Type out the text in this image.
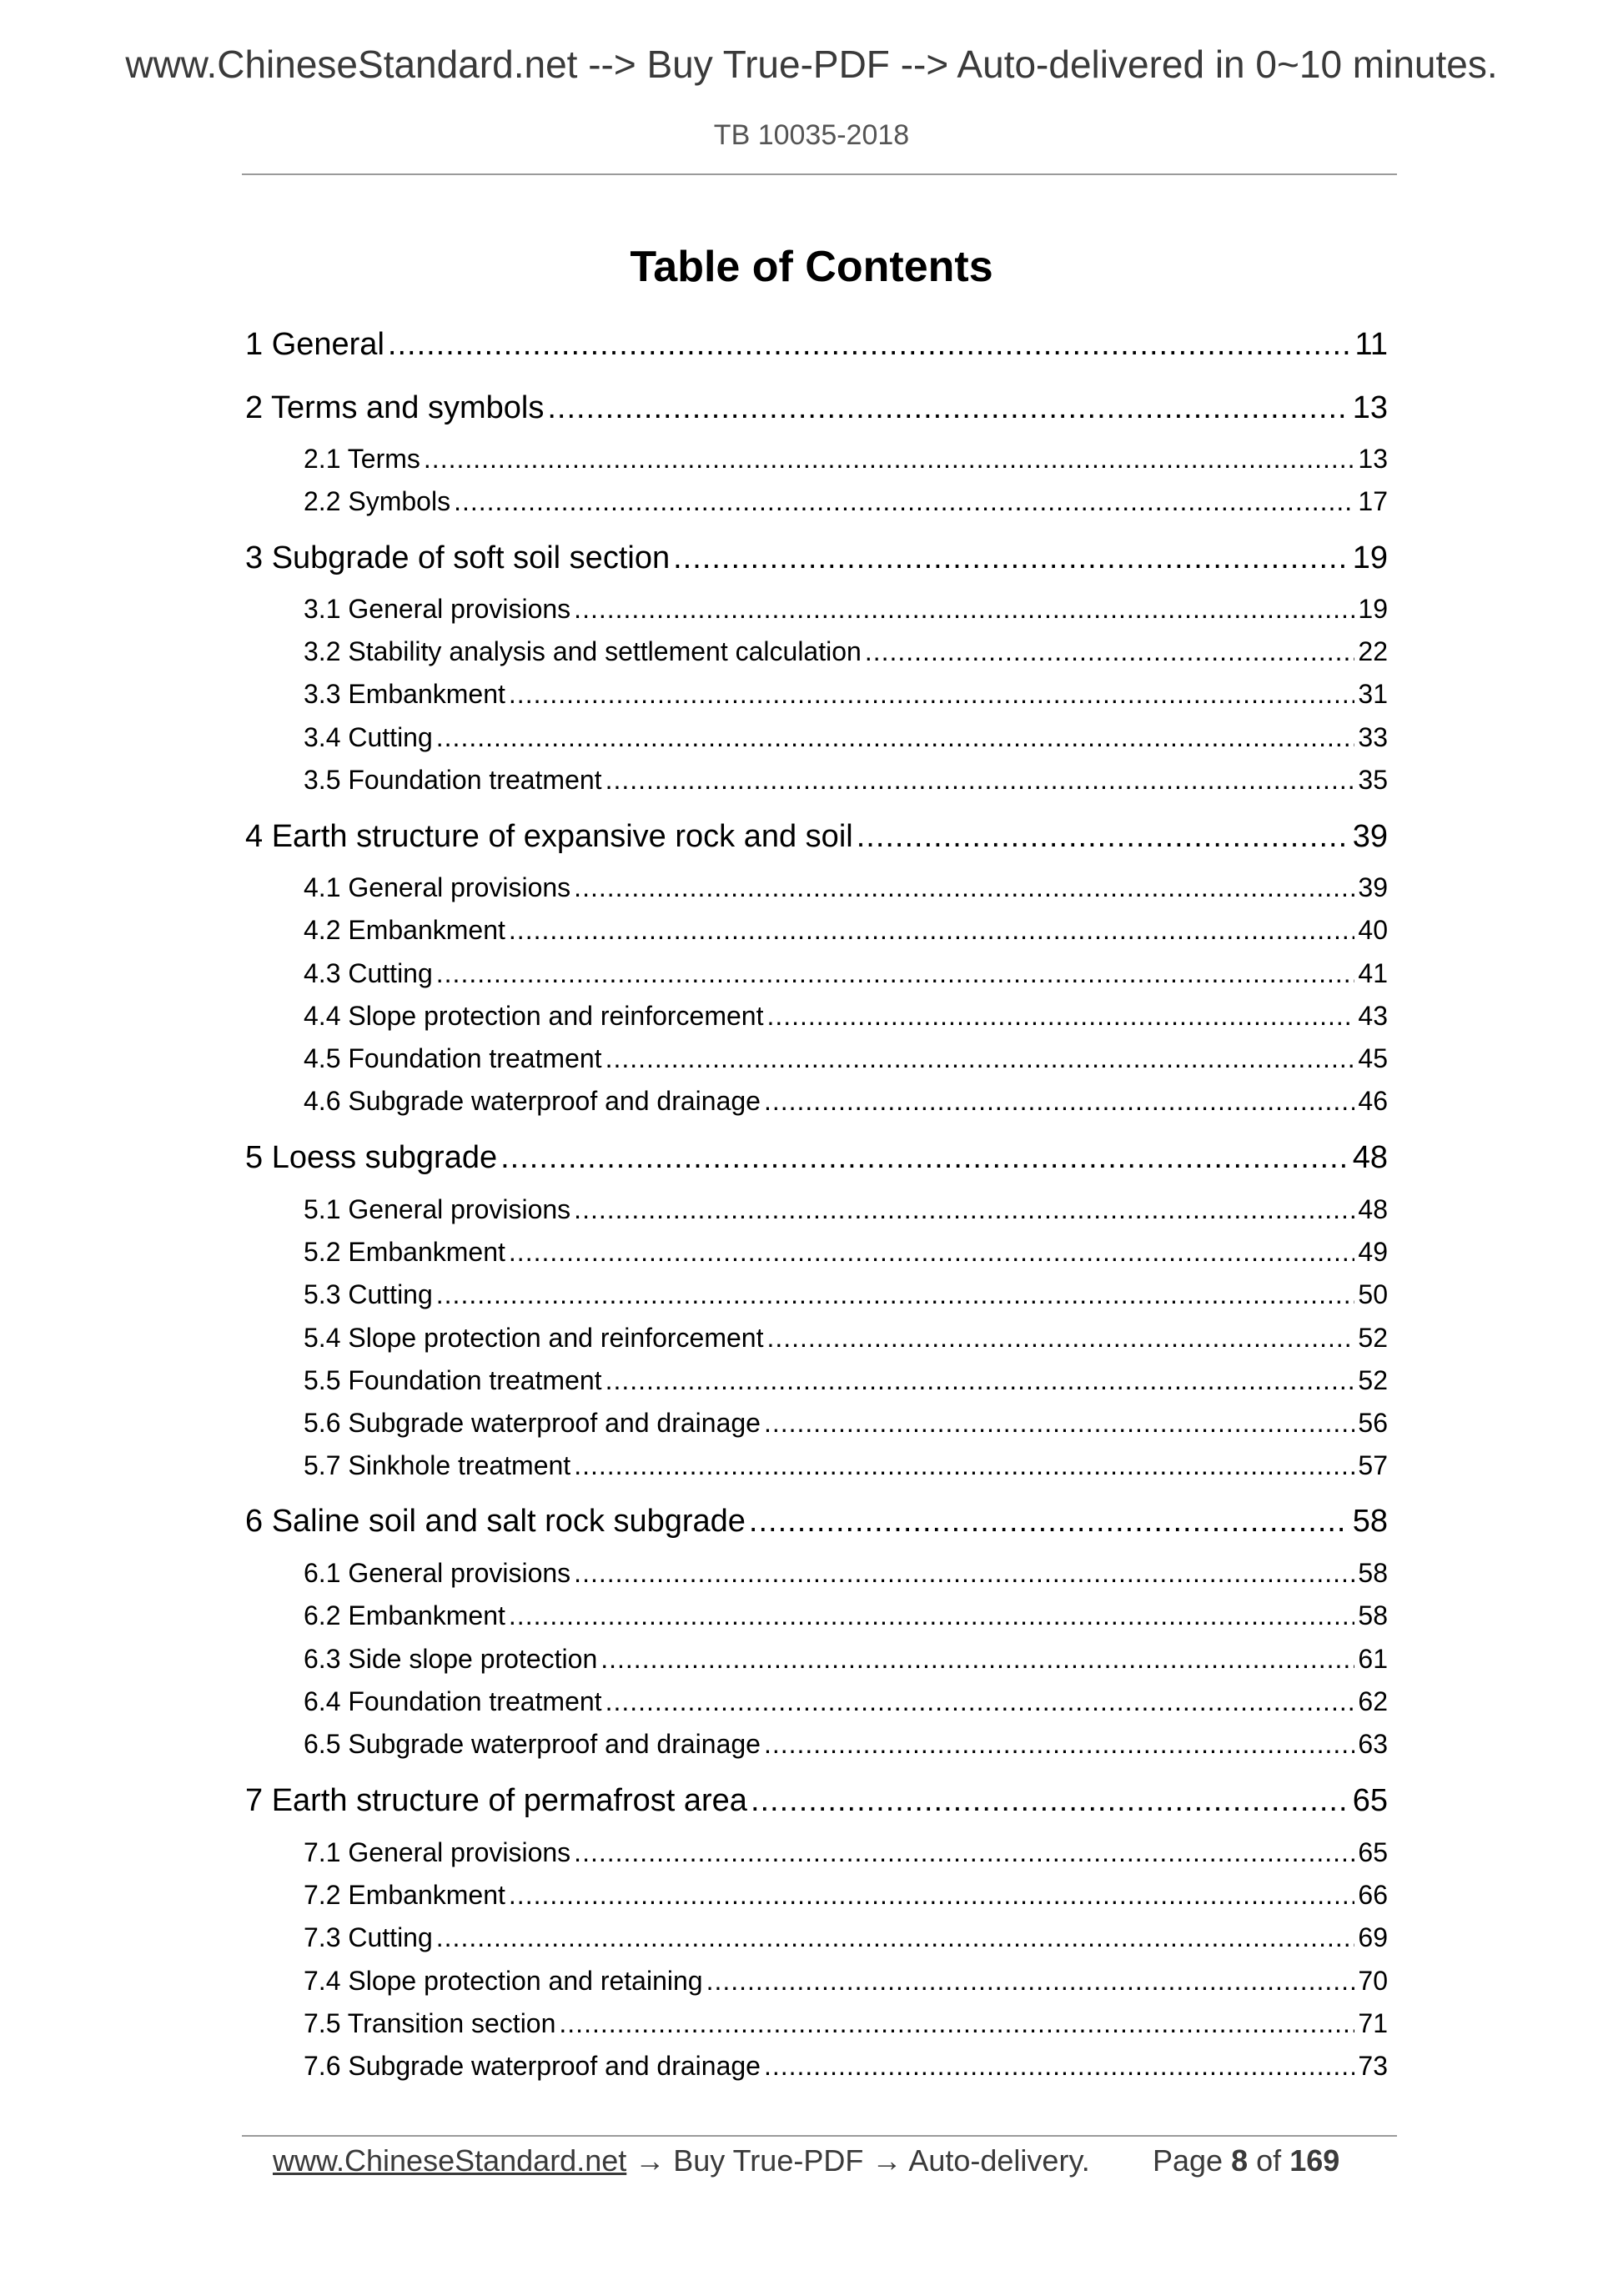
www.ChineseStandard.net --> Buy True-PDF --> Auto-delivered in 0~10 minutes.
TB 10035-2018
Table of Contents
1 General .....	11
2 Terms and symbols .....	13
2.1 Terms .....	13
2.2 Symbols .....	17
3 Subgrade of soft soil section .....	19
3.1 General provisions .....	19
3.2 Stability analysis and settlement calculation .....	22
3.3 Embankment .....	31
3.4 Cutting .....	33
3.5 Foundation treatment .....	35
4 Earth structure of expansive rock and soil .....	39
4.1 General provisions .....	39
4.2 Embankment .....	40
4.3 Cutting .....	41
4.4 Slope protection and reinforcement .....	43
4.5 Foundation treatment .....	45
4.6 Subgrade waterproof and drainage .....	46
5 Loess subgrade .....	48
5.1 General provisions .....	48
5.2 Embankment .....	49
5.3 Cutting .....	50
5.4 Slope protection and reinforcement .....	52
5.5 Foundation treatment .....	52
5.6 Subgrade waterproof and drainage .....	56
5.7 Sinkhole treatment .....	57
6 Saline soil and salt rock subgrade .....	58
6.1 General provisions .....	58
6.2 Embankment .....	58
6.3 Side slope protection .....	61
6.4 Foundation treatment .....	62
6.5 Subgrade waterproof and drainage .....	63
7 Earth structure of permafrost area .....	65
7.1 General provisions .....	65
7.2 Embankment .....	66
7.3 Cutting .....	69
7.4 Slope protection and retaining .....	70
7.5 Transition section .....	71
7.6 Subgrade waterproof and drainage .....	73
www.ChineseStandard.net → Buy True-PDF → Auto-delivery. Page 8 of 169
